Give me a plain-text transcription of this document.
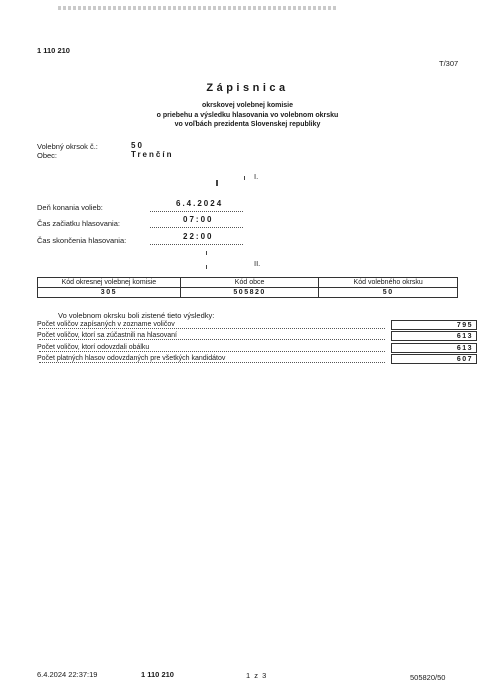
1 110 210
T/307
Zápisnica
okrskovej volebnej komisie
o priebehu a výsledku hlasovania vo volebnom okrsku
vo voľbách prezidenta Slovenskej republiky
Volebný okrsok č.:	50
Obec:	Trenčín
I.
Deň konania volieb:	6.4.2024
Čas začiatku hlasovania:	07:00
Čas skončenia hlasovania:	22:00
II.
Kód okresnej volebnej komisie	Kód obce	Kód volebného okrsku
305	505820	50
Vo volebnom okrsku boli zistené tieto výsledky:
Počet voličov zapísaných v zozname voličov	795
Počet voličov, ktorí sa zúčastnili na hlasovaní	613
Počet voličov, ktorí odovzdali obálku	613
Počet platných hlasov odovzdaných pre všetkých kandidátov	607
6.4.2024 22:37:19	1 110 210	1 z 3	505820/50
